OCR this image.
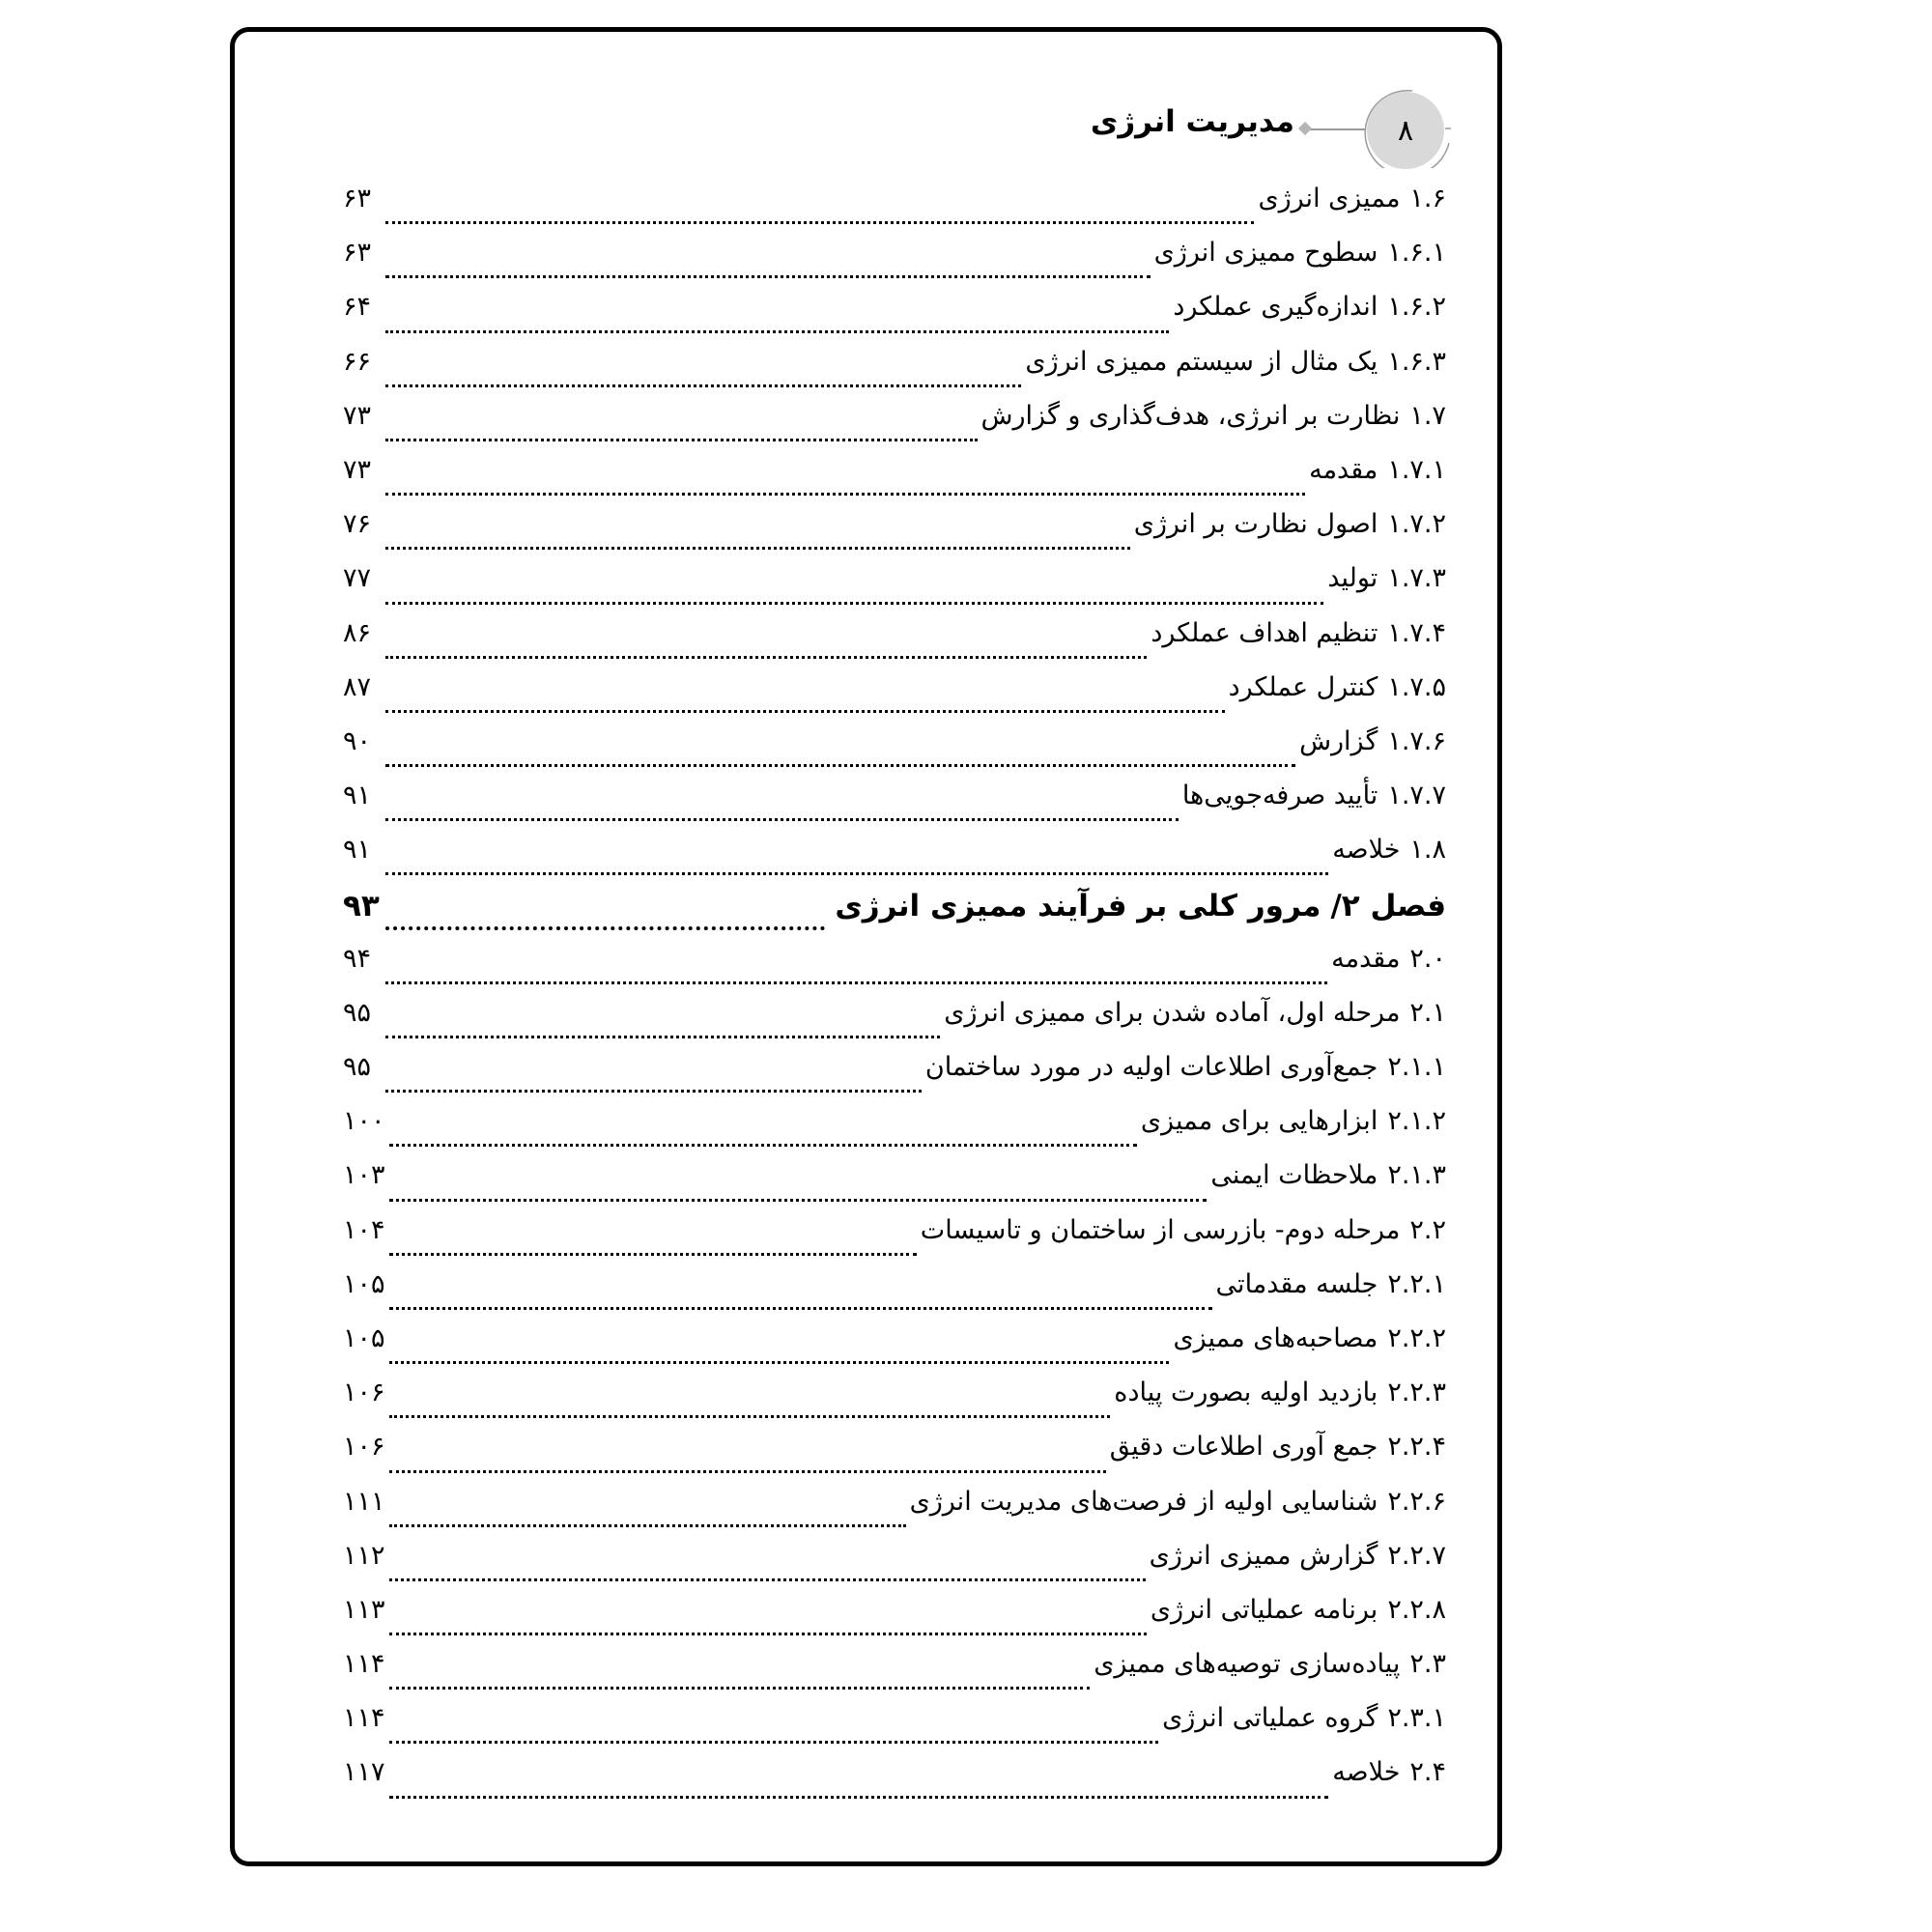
۸
مدیریت انرژی
۱.۶
ممیزی انرژی
۶۳
۱.۶.۱
سطوح ممیزی انرژی
۶۳
۱.۶.۲
اندازه‌گیری عملکرد
۶۴
۱.۶.۳
یک مثال از سیستم ممیزی انرژی
۶۶
۱.۷
نظارت بر انرژی، هدف‌گذاری و گزارش
۷۳
۱.۷.۱
مقدمه
۷۳
۱.۷.۲
اصول نظارت بر انرژی
۷۶
۱.۷.۳
تولید
۷۷
۱.۷.۴
تنظیم اهداف عملکرد
۸۶
۱.۷.۵
کنترل عملکرد
۸۷
۱.۷.۶
گزارش
۹۰
۱.۷.۷
تأیید صرفه‌جویی‌ها
۹۱
۱.۸
خلاصه
۹۱
فصل ۲/
مرور کلی بر فرآیند ممیزی انرژی
۹۳
۲.۰
مقدمه
۹۴
۲.۱
مرحله اول، آماده شدن برای ممیزی انرژی
۹۵
۲.۱.۱
جمع‌آوری اطلاعات اولیه در مورد ساختمان
۹۵
۲.۱.۲
ابزارهایی برای ممیزی
۱۰۰
۲.۱.۳
ملاحظات ایمنی
۱۰۳
۲.۲
مرحله دوم- بازرسی از ساختمان و تاسیسات
۱۰۴
۲.۲.۱
جلسه مقدماتی
۱۰۵
۲.۲.۲
مصاحبه‌های ممیزی
۱۰۵
۲.۲.۳
بازدید اولیه بصورت پیاده
۱۰۶
۲.۲.۴
جمع آوری اطلاعات دقیق
۱۰۶
۲.۲.۶
شناسایی اولیه از فرصت‌های مدیریت انرژی
۱۱۱
۲.۲.۷
گزارش ممیزی انرژی
۱۱۲
۲.۲.۸
برنامه عملیاتی انرژی
۱۱۳
۲.۳
پیاده‌سازی توصیه‌های ممیزی
۱۱۴
۲.۳.۱
گروه عملیاتی انرژی
۱۱۴
۲.۴
خلاصه
۱۱۷
